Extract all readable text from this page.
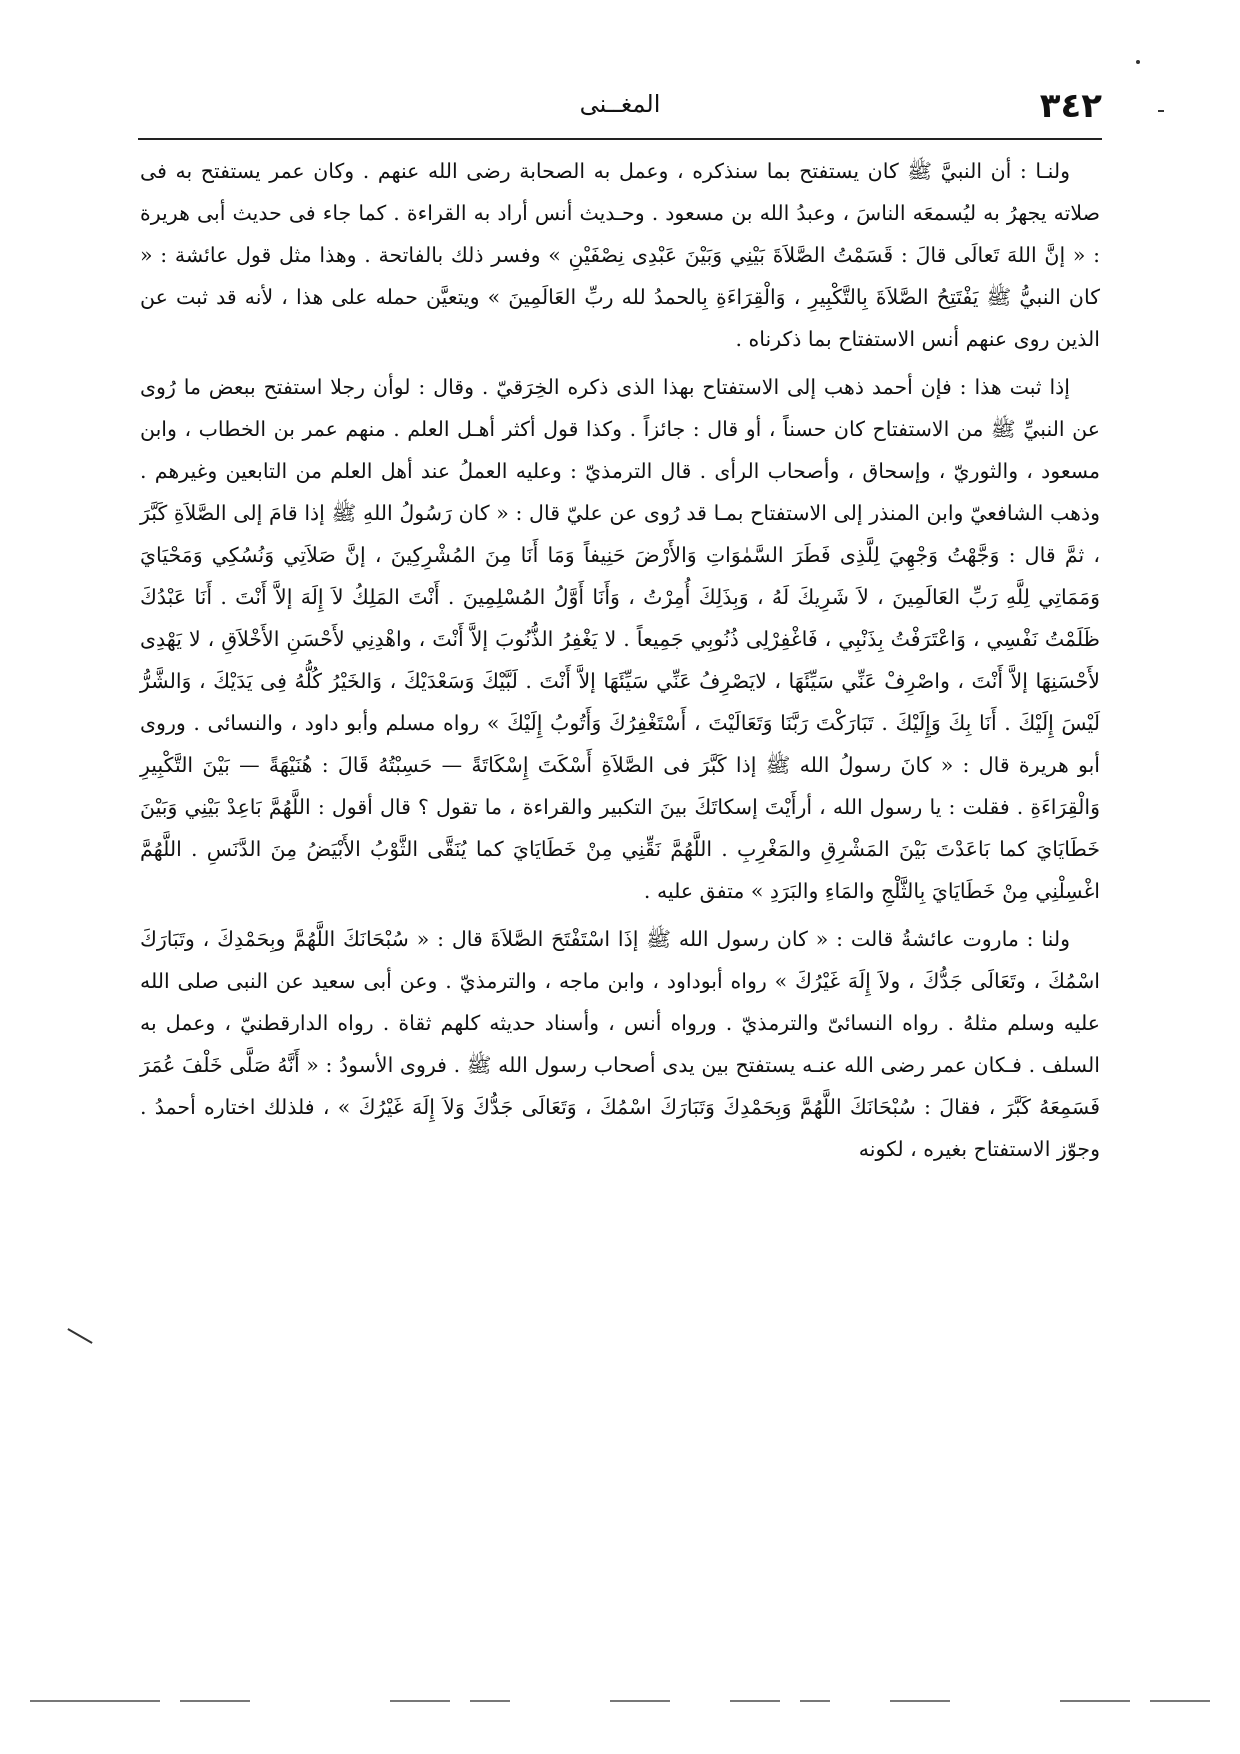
٣٤٢
المغــنى

ولنـا : أن النبيَّ ﷺ كان يستفتح بما سنذكره ، وعمل به الصحابة رضى الله عنهم . وكان عمر يستفتح به فى صلاته يجهرُ به ليُسمعَه الناسَ ، وعبدُ الله بن مسعود . وحـديث أنس أراد به القراءة . كما جاء فى حديث أبى هريرة : « إنَّ اللهَ تَعالَى قالَ : قَسَمْتُ الصَّلاَةَ بَيْنِي وَبَيْنَ عَبْدِى نِصْفَيْنِ » وفسر ذلك بالفاتحة . وهذا مثل قول عائشة : « كان النبيُّ ﷺ يَفْتَتِحُ الصَّلاَةَ بِالتَّكْبِيرِ ، وَالْقِرَاءَةِ بِالحمدُ لله ربِّ العَالَمِينَ » ويتعيَّن حمله على هذا ، لأنه قد ثبت عن الذين روى عنهم أنس الاستفتاح بما ذكرناه .

إذا ثبت هذا : فإن أحمد ذهب إلى الاستفتاح بهذا الذى ذكره الخِرَقيّ . وقال : لوأن رجلا استفتح ببعض ما رُوى عن النبيِّ ﷺ من الاستفتاح كان حسناً ، أو قال : جائزاً . وكذا قول أكثر أهـل العلم . منهم عمر بن الخطاب ، وابن مسعود ، والثوريّ ، وإسحاق ، وأصحاب الرأى . قال الترمذيّ : وعليه العملُ عند أهل العلم من التابعين وغيرهم . وذهب الشافعيّ وابن المنذر إلى الاستفتاح بمـا قد رُوى عن عليّ قال : « كان رَسُولُ اللهِ ﷺ إذا قامَ إلى الصَّلاَةِ كَبَّرَ ، ثمَّ قال : وَجَّهْتُ وَجْهِيَ لِلَّذِى فَطَرَ السَّمٰوَاتِ وَالأَرْضَ حَنِيفاً وَمَا أَنَا مِنَ المُشْرِكِينَ ، إنَّ صَلاَتِي وَنُسُكِي وَمَحْيَايَ وَمَمَاتِي لِلَّهِ رَبِّ العَالَمِينَ ، لاَ شَرِيكَ لَهُ ، وَبِذَلِكَ أُمِرْتُ ، وَأَنَا أَوَّلُ المُسْلِمِينَ . أَنْتَ المَلِكُ لاَ إِلَهَ إلاَّ أَنْتَ . أَنَا عَبْدُكَ ظَلَمْتُ نَفْسِي ، وَاعْتَرَفْتُ بِذَنْبِي ، فَاغْفِرْلِى ذُنُوبِي جَمِيعاً . لا يَغْفِرُ الذُّنُوبَ إلاَّ أَنْتَ ، واهْدِنِي لأَحْسَنِ الأَخْلاَقِ ، لا يَهْدِى لأَحْسَنِهَا إلاَّ أَنْتَ ، واصْرِفْ عَنِّي سَيِّئَهَا ، لايَصْرِفُ عَنِّي سَيِّئَهَا إلاَّ أَنْتَ . لَبَّيْكَ وَسَعْدَيْكَ ، وَالخَيْرُ كُلُّهُ فِى يَدَيْكَ ، وَالشَّرُّ لَيْسَ إِلَيْكَ . أَنَا بِكَ وَإِلَيْكَ . تَبَارَكْتَ رَبَّنَا وَتَعَالَيْتَ ، أَسْتَغْفِرُكَ وَأَتُوبُ إِلَيْكَ » رواه مسلم وأبو داود ، والنسائى . وروى أبو هريرة قال : « كانَ رسولُ الله ﷺ إذا كَبَّرَ فى الصَّلاَةِ أَسْكَتَ إِسْكَاتَةً — حَسِبْتُهُ قَالَ : هُنَيْهَةً — بَيْنَ التَّكْبِيرِ وَالْقِرَاءَةِ . فقلت : يا رسول الله ، أرأَيْتَ إسكاتَكَ بينَ التكبير والقراءة ، ما تقول ؟ قال أقول : اللَّهُمَّ بَاعِدْ بَيْنِي وَبَيْنَ خَطَايَايَ كما بَاعَدْتَ بَيْنَ المَشْرِقِ والمَغْرِبِ . اللَّهُمَّ نَقِّنِي مِنْ خَطَايَايَ كما يُنَقَّى الثَّوْبُ الأَبْيَضُ مِنَ الدَّنَسِ . اللَّهُمَّ اغْسِلْنِي مِنْ خَطَايَايَ بِالثَّلْجِ والمَاءِ والبَرَدِ » متفق عليه .

ولنا : ماروت عائشةُ قالت : « كان رسول الله ﷺ إذَا اسْتَفْتَحَ الصَّلاَةَ قال : « سُبْحَانَكَ اللَّهُمَّ وبِحَمْدِكَ ، وتَبَارَكَ اسْمُكَ ، وتَعَالَى جَدُّكَ ، ولاَ إِلَهَ غَيْرُكَ » رواه أبوداود ، وابن ماجه ، والترمذيّ . وعن أبى سعيد عن النبى صلى الله عليه وسلم مثلهُ . رواه النسائىّ والترمذيّ . ورواه أنس ، وأسناد حديثه كلهم ثقاة . رواه الدارقطنيّ ، وعمل به السلف . فـكان عمر رضى الله عنـه يستفتح بين يدى أصحاب رسول الله ﷺ . فروى الأسودُ : « أَنَّهُ صَلَّى خَلْفَ عُمَرَ فَسَمِعَهُ كَبَّرَ ، فقالَ : سُبْحَانَكَ اللَّهُمَّ وَبِحَمْدِكَ وَتَبَارَكَ اسْمُكَ ، وَتَعَالَى جَدُّكَ وَلاَ إِلَهَ غَيْرُكَ » ، فلذلك اختاره أحمدُ . وجوّز الاستفتاح بغيره ، لكونه
